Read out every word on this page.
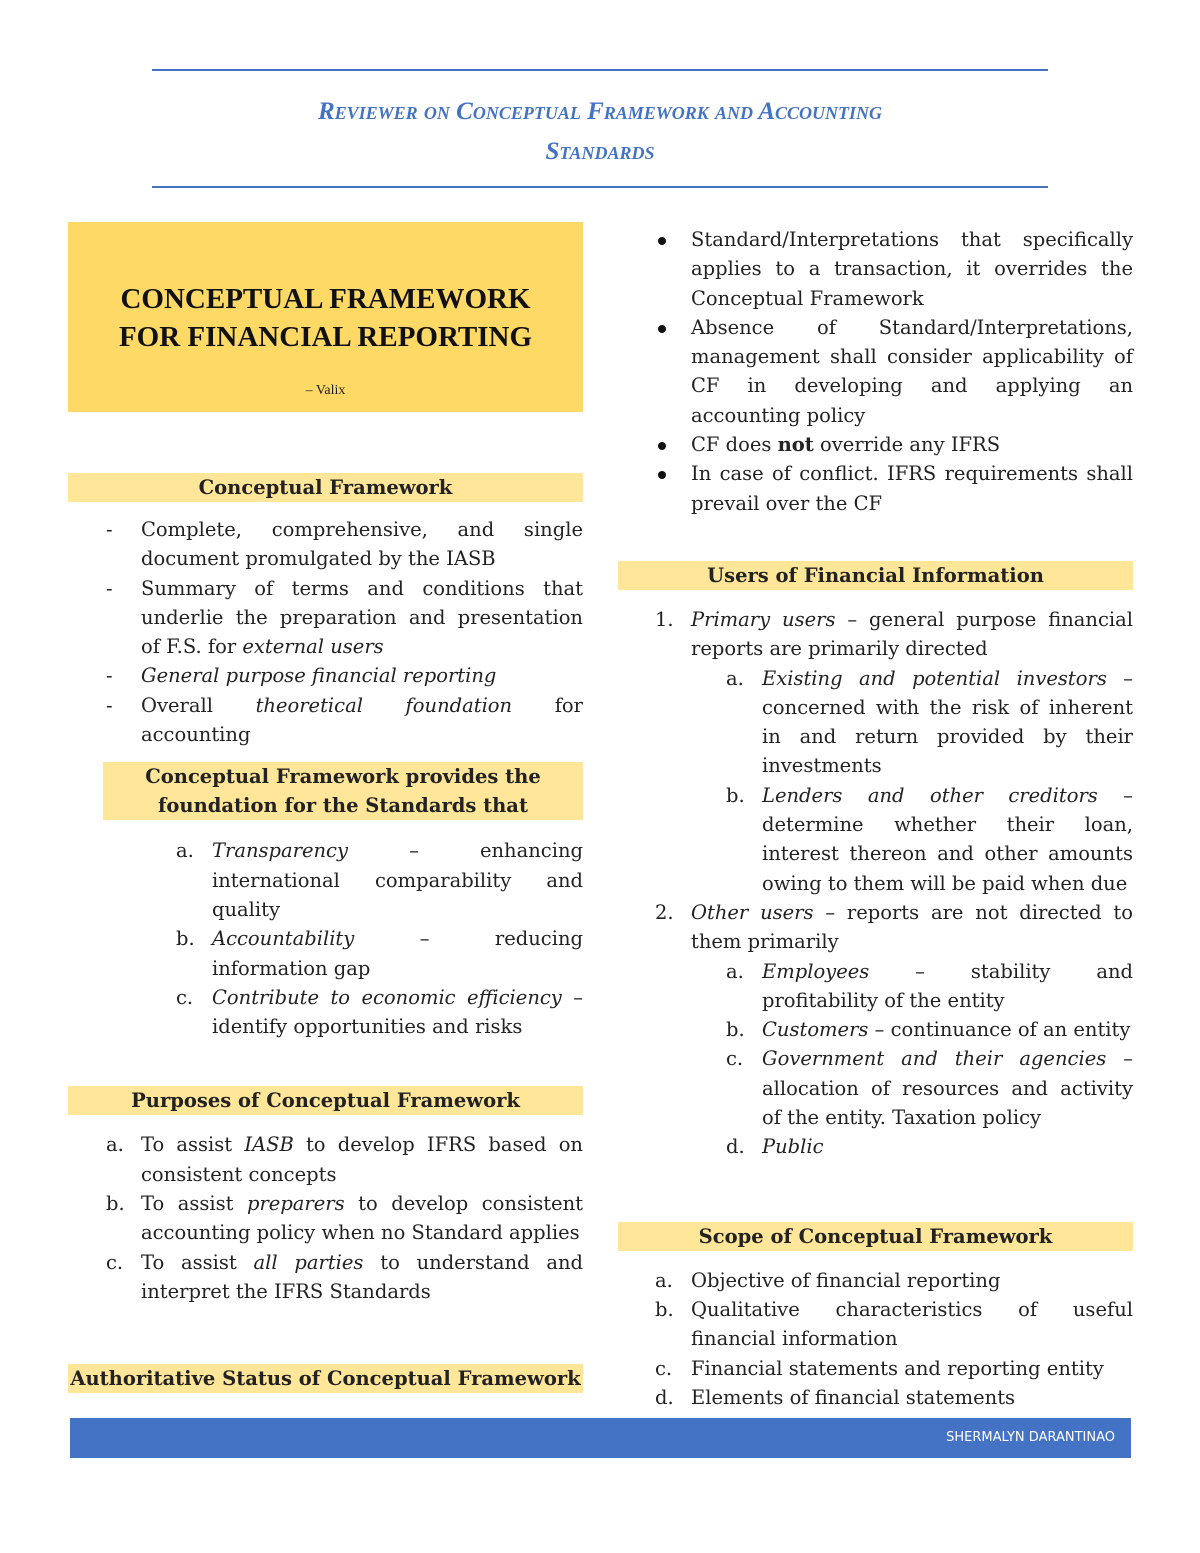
Reviewer on Conceptual Framework and Accounting
Standards
CONCEPTUAL FRAMEWORK
FOR FINANCIAL REPORTING
– Valix
Conceptual Framework
- Complete, comprehensive, and single document promulgated by the IASB
- Summary of terms and conditions that underlie the preparation and presentation of F.S. for external users
- General purpose financial reporting
- Overall theoretical foundation for accounting
Conceptual Framework provides the
foundation for the Standards that
a. Transparency – enhancing international comparability and quality
b. Accountability – reducing information gap
c. Contribute to economic efficiency – identify opportunities and risks
Purposes of Conceptual Framework
a. To assist IASB to develop IFRS based on consistent concepts
b. To assist preparers to develop consistent accounting policy when no Standard applies
c. To assist all parties to understand and interpret the IFRS Standards
Authoritative Status of Conceptual Framework
Standard/Interpretations that specifically applies to a transaction, it overrides the Conceptual Framework
Absence of Standard/Interpretations, management shall consider applicability of CF in developing and applying an accounting policy
CF does not override any IFRS
In case of conflict. IFRS requirements shall prevail over the CF
Users of Financial Information
1. Primary users – general purpose financial reports are primarily directed
a. Existing and potential investors – concerned with the risk of inherent in and return provided by their investments
b. Lenders and other creditors – determine whether their loan, interest thereon and other amounts owing to them will be paid when due
2. Other users – reports are not directed to them primarily
a. Employees – stability and profitability of the entity
b. Customers – continuance of an entity
c. Government and their agencies – allocation of resources and activity of the entity. Taxation policy
d. Public
Scope of Conceptual Framework
a. Objective of financial reporting
b. Qualitative characteristics of useful financial information
c. Financial statements and reporting entity
d. Elements of financial statements
SHERMALYN DARANTINAO
